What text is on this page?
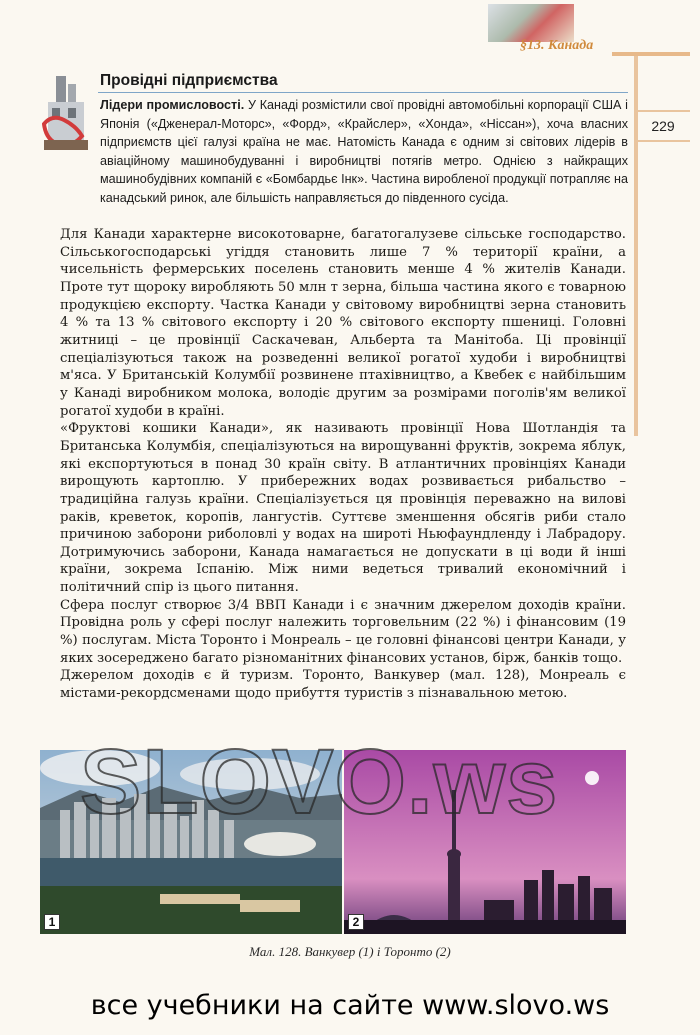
§13. Канада
229
Провідні підприємства
Лідери промисловості. У Канаді розмістили свої провідні автомобільні корпорації США і Японія («Дженерал-Моторс», «Форд», «Крайслер», «Хонда», «Ніссан»), хоча власних підприємств цієї галузі країна не має. Натомість Канада є одним зі світових лідерів в авіаційному машинобудуванні і виробництві потягів метро. Однією з найкращих машинобудівних компаній є «Бомбардьє Інк». Частина виробленої продукції потрапляє на канадський ринок, але більшість направляється до південного сусіда.

Для Канади характерне високотоварне, багатогалузеве сільське господарство. Сільськогосподарські угіддя становить лише 7 % території країни, а чисельність фермерських поселень становить менше 4 % жителів Канади. Проте тут щороку виробляють 50 млн т зерна, більша частина якого є товарною продукцією експорту. Частка Канади у світовому виробництві зерна становить 4 % та 13 % світового експорту і 20 % світового експорту пшениці. Головні житниці – це провінції Саскачеван, Альберта та Манітоба. Ці провінції спеціалізуються також на розведенні великої рогатої худоби і виробництві м'яса. У Британській Колумбії розвинене птахівництво, а Квебек є найбільшим у Канаді виробником молока, володіє другим за розмірами поголів'ям великої рогатої худоби в країні.

«Фруктові кошики Канади», як називають провінції Нова Шотландія та Британська Колумбія, спеціалізуються на вирощуванні фруктів, зокрема яблук, які експортуються в понад 30 країн світу. В атлантичних провінціях Канади вирощують картоплю. У прибережних водах розвивається рибальство – традиційна галузь країни. Спеціалізується ця провінція переважно на вилові раків, креветок, коропів, лангустів. Суттєве зменшення обсягів риби стало причиною заборони риболовлі у водах на широті Ньюфаундленду і Лабрадору. Дотримуючись заборони, Канада намагається не допускати в ці води й інші країни, зокрема Іспанію. Між ними ведеться тривалий економічний і політичний спір із цього питання.

Сфера послуг створює 3/4 ВВП Канади і є значним джерелом доходів країни. Провідна роль у сфері послуг належить торговельним (22 %) і фінансовим (19 %) послугам. Міста Торонто і Монреаль – це головні фінансові центри Канади, у яких зосереджено багато різноманітних фінансових установ, бірж, банків тощо.

Джерелом доходів є й туризм. Торонто, Ванкувер (мал. 128), Монреаль є містами-рекордсменами щодо прибуття туристів з пізнавальною метою.

1	2
SLOVO.ws
Мал. 128. Ванкувер (1) і Торонто (2)
все учебники на сайте www.slovo.ws
